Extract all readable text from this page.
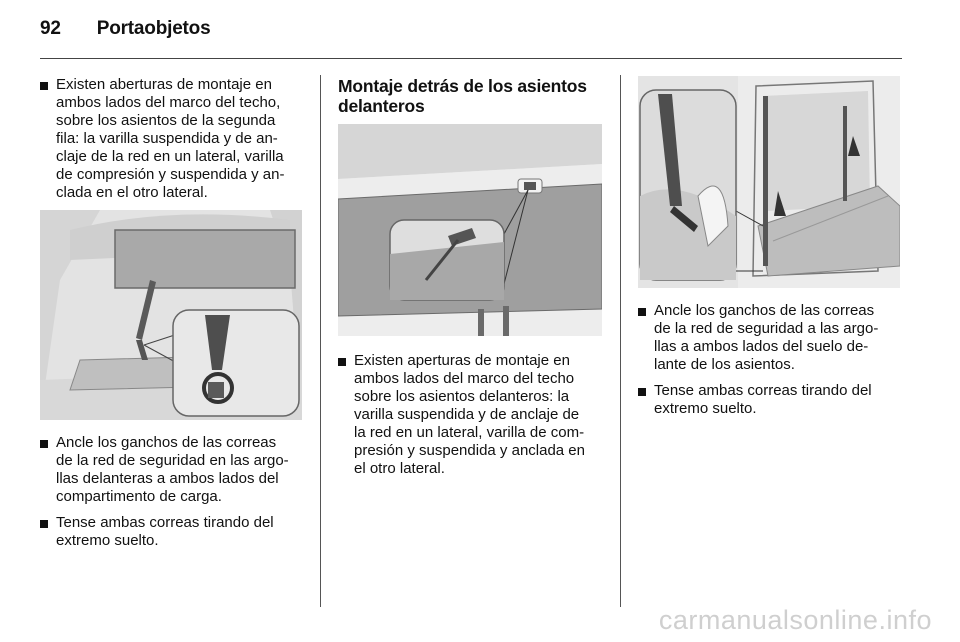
92 Portaobjetos
Existen aberturas de montaje en
ambos lados del marco del techo,
sobre los asientos de la segunda
fila: la varilla suspendida y de an-
claje de la red en un lateral, varilla
de compresión y suspendida y an-
clada en el otro lateral.
Ancle los ganchos de las correas
de la red de seguridad en las argo-
llas delanteras a ambos lados del
compartimento de carga.
Tense ambas correas tirando del
extremo suelto.
Montaje detrás de los asientos
delanteros
Existen aperturas de montaje en
ambos lados del marco del techo
sobre los asientos delanteros: la
varilla suspendida y de anclaje de
la red en un lateral, varilla de com-
presión y suspendida y anclada en
el otro lateral.
Ancle los ganchos de las correas
de la red de seguridad a las argo-
llas a ambos lados del suelo de-
lante de los asientos.
Tense ambas correas tirando del
extremo suelto.
carmanualsonline.info
